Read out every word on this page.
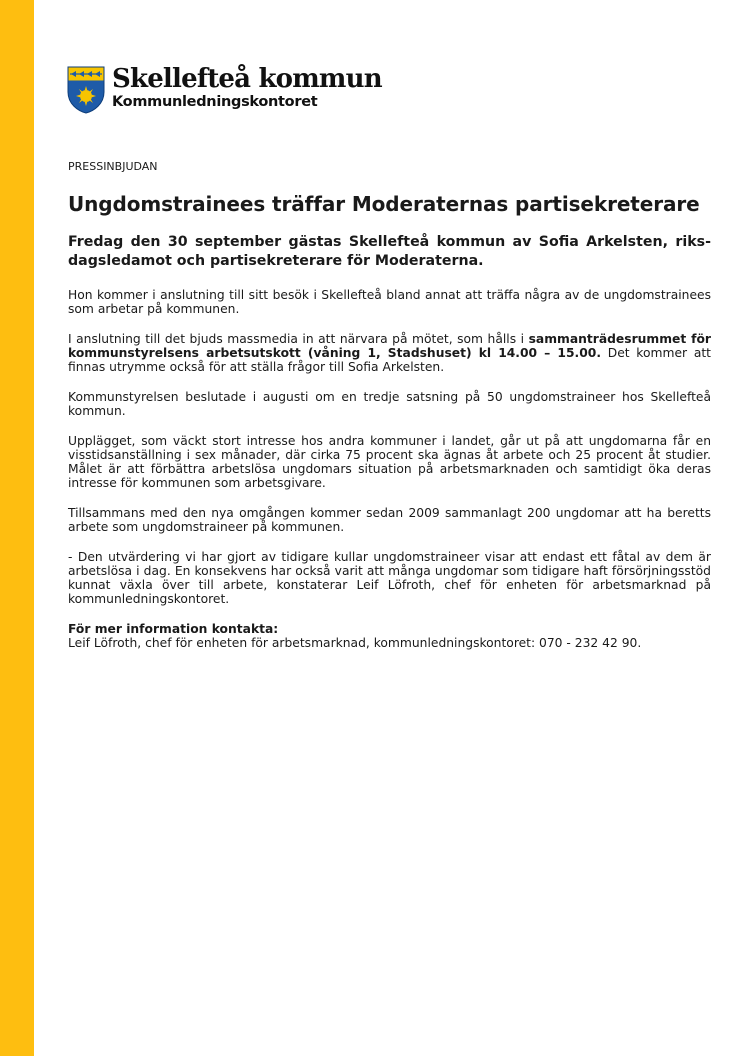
Skellefteå kommun
Kommunledningskontoret
PRESSINBJUDAN
Ungdomstrainees träffar Moderaternas partisekreterare
Fredag den 30 september gästas Skellefteå kommun av Sofia Arkelsten, riksdagsledamot och partisekreterare för Moderaterna.

Hon kommer i anslutning till sitt besök i Skellefteå bland annat att träffa några av de ungdomstrainees som arbetar på kommunen.

I anslutning till det bjuds massmedia in att närvara på mötet, som hålls i sammanträdesrummet för kommunstyrelsens arbetsutskott (våning 1, Stadshuset) kl 14.00 – 15.00. Det kommer att finnas utrymme också för att ställa frågor till Sofia Arkelsten.

Kommunstyrelsen beslutade i augusti om en tredje satsning på 50 ungdomstraineer hos Skellefteå kommun.

Upplägget, som väckt stort intresse hos andra kommuner i landet, går ut på att ungdomarna får en visstidsanställning i sex månader, där cirka 75 procent ska ägnas åt arbete och 25 procent åt studier. Målet är att förbättra arbetslösa ungdomars situation på arbetsmarknaden och samtidigt öka deras intresse för kommunen som arbetsgivare.

Tillsammans med den nya omgången kommer sedan 2009 sammanlagt 200 ungdomar att ha beretts arbete som ungdomstraineer på kommunen.

- Den utvärdering vi har gjort av tidigare kullar ungdomstraineer visar att endast ett fåtal av dem är arbetslösa i dag. En konsekvens har också varit att många ungdomar som tidigare haft försörjningsstöd kunnat växla över till arbete, konstaterar Leif Löfroth, chef för enheten för arbetsmarknad på kommunledningskontoret.

För mer information kontakta:
Leif Löfroth, chef för enheten för arbetsmarknad, kommunledningskontoret: 070 - 232 42 90.
